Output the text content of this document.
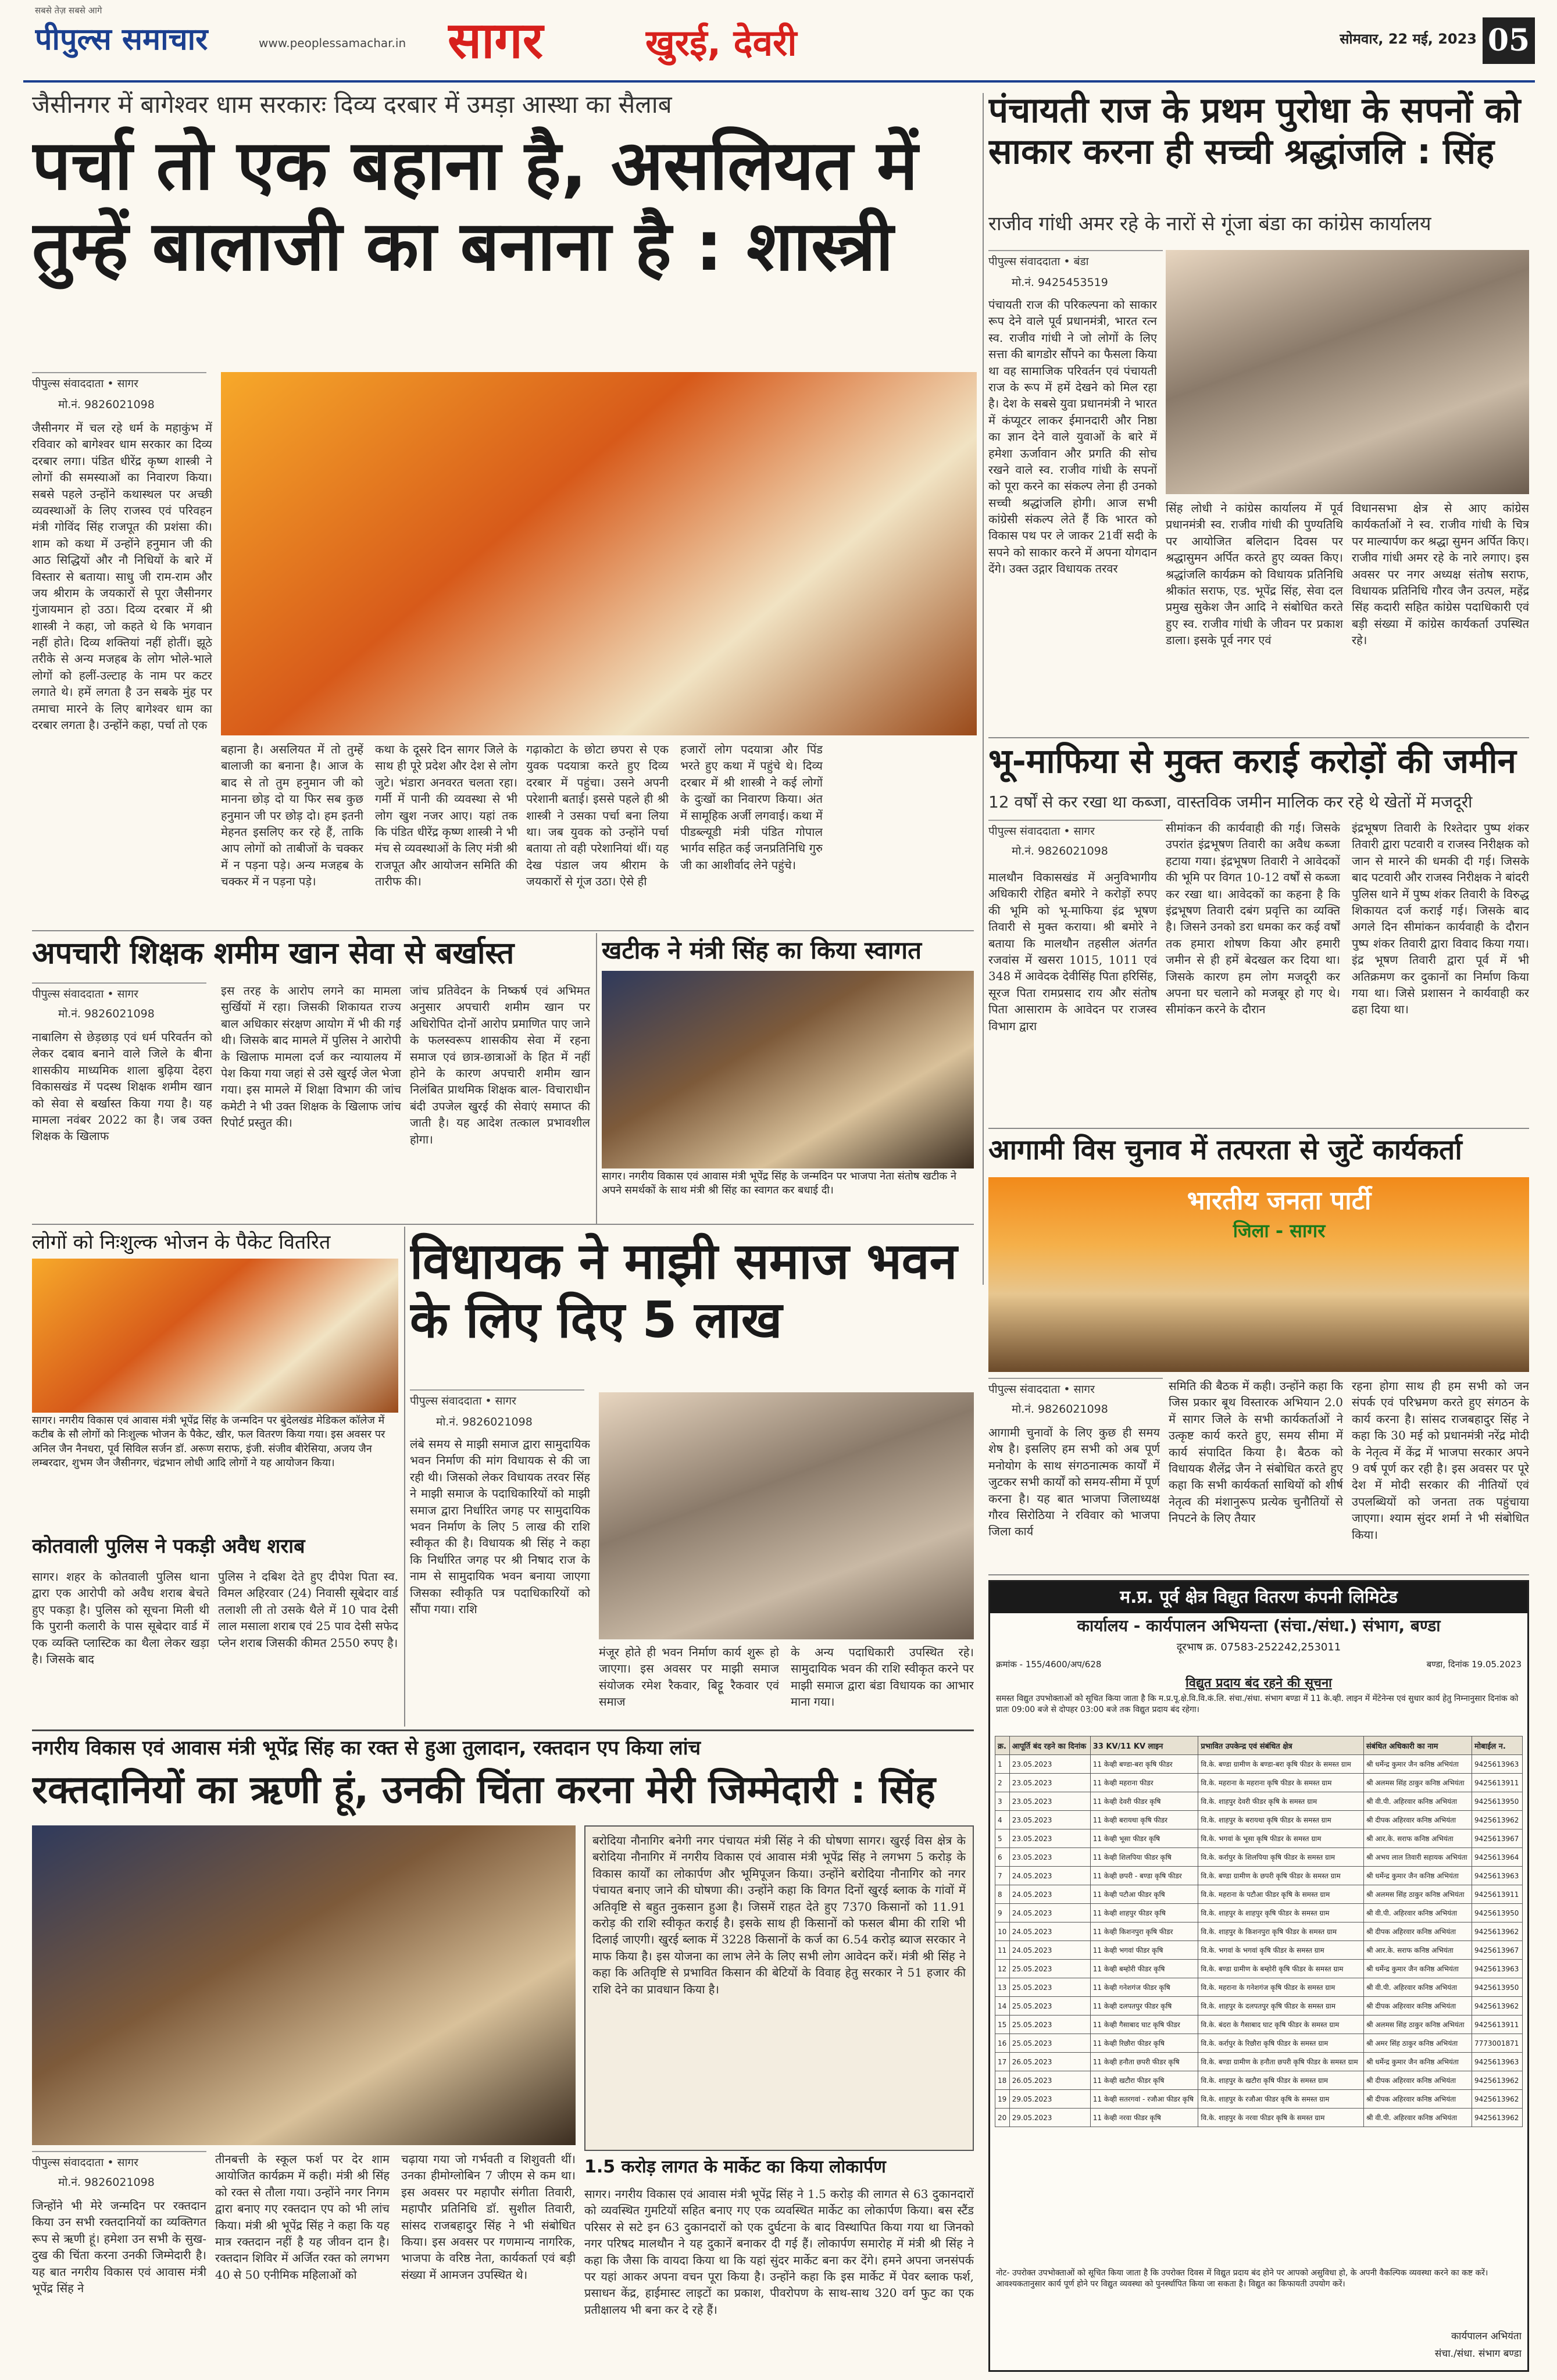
सबसे तेज़ सबसे आगे
पीपुल्स समाचार	www.peoplessamachar.in सागर	खुरई, देवरी	सोमवार, 22 मई, 2023 05
जैसीनगर में बागेश्वर धाम सरकारः दिव्य दरबार में उमड़ा आस्था का सैलाब
पर्चा तो एक बहाना है, असलियत में तुम्हें बालाजी का बनाना है : शास्त्री
पीपुल्स संवाददाता • सागर
मो.नं. 9826021098
जैसीनगर में चल रहे धर्म के महाकुंभ में रविवार को बागेश्वर धाम सरकार का दिव्य दरबार लगा। पंडित धीरेंद्र कृष्ण शास्त्री ने लोगों की समस्याओं का निवारण किया। सबसे पहले उन्होंने कथास्थल पर अच्छी व्यवस्थाओं के लिए राजस्व एवं परिवहन मंत्री गोविंद सिंह राजपूत की प्रशंसा की। शाम को कथा में उन्होंने हनुमान जी की आठ सिद्धियों और नौ निधियों के बारे में विस्तार से बताया। साधु जी राम-राम और जय श्रीराम के जयकारों से पूरा जैसीनगर गुंजायमान हो उठा। दिव्य दरबार में श्री शास्त्री ने कहा, जो कहते थे कि भगवान नहीं होते। दिव्य शक्तियां नहीं होतीं। झूठे तरीके से अन्य मजहब के लोग भोले-भाले लोगों को हलीं-उल्टाह के नाम पर कटर लगाते थे। हमें लगता है उन सबके मुंह पर तमाचा मारने के लिए बागेश्वर धाम का दरबार लगता है। उन्होंने कहा, पर्चा तो एक
बहाना है। असलियत में तो तुम्हें बालाजी का बनाना है। आज के बाद से तो तुम हनुमान जी को मानना छोड़ दो या फिर सब कुछ हनुमान जी पर छोड़ दो। हम इतनी मेहनत इसलिए कर रहे हैं, ताकि आप लोगों को ताबीजों के चक्कर में न पड़ना पड़े। अन्य मजहब के चक्कर में न पड़ना पड़े।
कथा के दूसरे दिन सागर जिले के साथ ही पूरे प्रदेश और देश से लोग जुटे। भंडारा अनवरत चलता रहा। गर्मी में पानी की व्यवस्था से भी लोग खुश नजर आए। यहां तक कि पंडित धीरेंद्र कृष्ण शास्त्री ने भी मंच से व्यवस्थाओं के लिए मंत्री श्री राजपूत और आयोजन समिति की तारीफ की।
गढ़ाकोटा के छोटा छपरा से एक युवक पदयात्रा करते हुए दिव्य दरबार में पहुंचा। उसने अपनी परेशानी बताई। इससे पहले ही श्री शास्त्री ने उसका पर्चा बना लिया था। जब युवक को उन्होंने पर्चा बताया तो वही परेशानियां थीं। यह देख पंडाल जय श्रीराम के जयकारों से गूंज उठा। ऐसे ही
हजारों लोग पदयात्रा और पिंड भरते हुए कथा में पहुंचे थे। दिव्य दरबार में श्री शास्त्री ने कई लोगों के दुःखों का निवारण किया। अंत में सामूहिक अर्जी लगवाई। कथा में पीडब्ल्यूडी मंत्री पंडित गोपाल भार्गव सहित कई जनप्रतिनिधि गुरु जी का आशीर्वाद लेने पहुंचे।
पंचायती राज के प्रथम पुरोधा के सपनों को साकार करना ही सच्ची श्रद्धांजलि : सिंह
राजीव गांधी अमर रहे के नारों से गूंजा बंडा का कांग्रेस कार्यालय
पीपुल्स संवाददाता • बंडा
मो.नं. 9425453519
पंचायती राज की परिकल्पना को साकार रूप देने वाले पूर्व प्रधानमंत्री, भारत रत्न स्व. राजीव गांधी ने जो लोगों के लिए सत्ता की बागडोर सौंपने का फैसला किया था वह सामाजिक परिवर्तन एवं पंचायती राज के रूप में हमें देखने को मिल रहा है। देश के सबसे युवा प्रधानमंत्री ने भारत में कंप्यूटर लाकर ईमानदारी और निष्ठा का ज्ञान देने वाले युवाओं के बारे में हमेशा ऊर्जावान और प्रगति की सोच रखने वाले स्व. राजीव गांधी के सपनों को पूरा करने का संकल्प लेना ही उनको सच्ची श्रद्धांजलि होगी। आज सभी कांग्रेसी संकल्प लेते हैं कि भारत को विकास पथ पर ले जाकर 21वीं सदी के सपने को साकार करने में अपना योगदान देंगे। उक्त उद्गार विधायक तरवर
सिंह लोधी ने कांग्रेस कार्यालय में पूर्व प्रधानमंत्री स्व. राजीव गांधी की पुण्यतिथि पर आयोजित बलिदान दिवस पर श्रद्धासुमन अर्पित करते हुए व्यक्त किए। श्रद्धांजलि कार्यक्रम को विधायक प्रतिनिधि श्रीकांत सराफ, एड. भूपेंद्र सिंह, सेवा दल प्रमुख सुकेश जैन आदि ने संबोधित करते हुए स्व. राजीव गांधी के जीवन पर प्रकाश डाला। इसके पूर्व नगर एवं
विधानसभा क्षेत्र से आए कांग्रेस कार्यकर्ताओं ने स्व. राजीव गांधी के चित्र पर माल्यार्पण कर श्रद्धा सुमन अर्पित किए। राजीव गांधी अमर रहे के नारे लगाए। इस अवसर पर नगर अध्यक्ष संतोष सराफ, विधायक प्रतिनिधि गौरव जैन उत्पल, महेंद्र सिंह कदारी सहित कांग्रेस पदाधिकारी एवं बड़ी संख्या में कांग्रेस कार्यकर्ता उपस्थित रहे।
भू-माफिया से मुक्त कराई करोड़ों की जमीन
12 वर्षों से कर रखा था कब्जा, वास्तविक जमीन मालिक कर रहे थे खेतों में मजदूरी
पीपुल्स संवाददाता • सागर
मो.नं. 9826021098
मालथौन विकासखंड में अनुविभागीय अधिकारी रोहित बमोरे ने करोड़ों रुपए की भूमि को भू-माफिया इंद्र भूषण तिवारी से मुक्त कराया। श्री बमोरे ने बताया कि मालथौन तहसील अंतर्गत रजवांस में खसरा 1015, 1011 एवं 348 में आवेदक देवीसिंह पिता हरिसिंह, सूरज पिता रामप्रसाद राय और संतोष पिता आसाराम के आवेदन पर राजस्व विभाग द्वारा
सीमांकन की कार्यवाही की गई। जिसके उपरांत इंद्रभूषण तिवारी का अवैध कब्जा हटाया गया। इंद्रभूषण तिवारी ने आवेदकों की भूमि पर विगत 10-12 वर्षों से कब्जा कर रखा था। आवेदकों का कहना है कि इंद्रभूषण तिवारी दबंग प्रवृत्ति का व्यक्ति है। जिसने उनको डरा धमका कर कई वर्षों तक हमारा शोषण किया और हमारी जमीन से ही हमें बेदखल कर दिया था। जिसके कारण हम लोग मजदूरी कर अपना घर चलाने को मजबूर हो गए थे। सीमांकन करने के दौरान
इंद्रभूषण तिवारी के रिश्तेदार पुष्प शंकर तिवारी द्वारा पटवारी व राजस्व निरीक्षक को जान से मारने की धमकी दी गई। जिसके बाद पटवारी और राजस्व निरीक्षक ने बांदरी पुलिस थाने में पुष्प शंकर तिवारी के विरुद्ध शिकायत दर्ज कराई गई। जिसके बाद अगले दिन सीमांकन कार्यवाही के दौरान पुष्प शंकर तिवारी द्वारा विवाद किया गया। इंद्र भूषण तिवारी द्वारा पूर्व में भी अतिक्रमण कर दुकानों का निर्माण किया गया था। जिसे प्रशासन ने कार्यवाही कर ढहा दिया था।
अपचारी शिक्षक शमीम खान सेवा से बर्खास्त
पीपुल्स संवाददाता • सागर
मो.नं. 9826021098
नाबालिग से छेड़छाड़ एवं धर्म परिवर्तन को लेकर दबाव बनाने वाले जिले के बीना शासकीय माध्यमिक शाला बुढ़िया देहरा विकासखंड में पदस्थ शिक्षक शमीम खान को सेवा से बर्खास्त किया गया है। यह मामला नवंबर 2022 का है। जब उक्त शिक्षक के खिलाफ
इस तरह के आरोप लगने का मामला सुर्खियों में रहा। जिसकी शिकायत राज्य बाल अधिकार संरक्षण आयोग में भी की गई थी। जिसके बाद मामले में पुलिस ने आरोपी के खिलाफ मामला दर्ज कर न्यायालय में पेश किया गया जहां से उसे खुरई जेल भेजा गया। इस मामले में शिक्षा विभाग की जांच कमेटी ने भी उक्त शिक्षक के खिलाफ जांच रिपोर्ट प्रस्तुत की।
जांच प्रतिवेदन के निष्कर्ष एवं अभिमत अनुसार अपचारी शमीम खान पर अधिरोपित दोनों आरोप प्रमाणित पाए जाने के फलस्वरूप शासकीय सेवा में रहना समाज एवं छात्र-छात्राओं के हित में नहीं होने के कारण अपचारी शमीम खान निलंबित प्राथमिक शिक्षक बाल- विचाराधीन बंदी उपजेल खुरई की सेवाएं समाप्त की जाती है। यह आदेश तत्काल प्रभावशील होगा।
खटीक ने मंत्री सिंह का किया स्वागत
सागर। नगरीय विकास एवं आवास मंत्री भूपेंद्र सिंह के जन्मदिन पर भाजपा नेता संतोष खटीक ने अपने समर्थकों के साथ मंत्री श्री सिंह का स्वागत कर बधाई दी।
आगामी विस चुनाव में तत्परता से जुटें कार्यकर्ता
भारतीय जनता पार्टी
जिला - सागर
पीपुल्स संवाददाता • सागर
मो.नं. 9826021098
आगामी चुनावों के लिए कुछ ही समय शेष है। इसलिए हम सभी को अब पूर्ण मनोयोग के साथ संगठनात्मक कार्यों में जुटकर सभी कार्यों को समय-सीमा में पूर्ण करना है। यह बात भाजपा जिलाध्यक्ष गौरव सिरोठिया ने रविवार को भाजपा जिला कार्य
समिति की बैठक में कही। उन्होंने कहा कि जिस प्रकार बूथ विस्तारक अभियान 2.0 में सागर जिले के सभी कार्यकर्ताओं ने उत्कृष्ट कार्य करते हुए, समय सीमा में कार्य संपादित किया है। बैठक को विधायक शैलेंद्र जैन ने संबोधित करते हुए कहा कि सभी कार्यकर्ता साथियों को शीर्ष नेतृत्व की मंशानुरूप प्रत्येक चुनौतियों से निपटने के लिए तैयार
रहना होगा साथ ही हम सभी को जन संपर्क एवं परिभ्रमण करते हुए संगठन के कार्य करना है। सांसद राजबहादुर सिंह ने कहा कि 30 मई को प्रधानमंत्री नरेंद्र मोदी के नेतृत्व में केंद्र में भाजपा सरकार अपने 9 वर्ष पूर्ण कर रही है। इस अवसर पर पूरे देश में मोदी सरकार की नीतियों एवं उपलब्धियों को जनता तक पहुंचाया जाएगा। श्याम सुंदर शर्मा ने भी संबोधित किया।
लोगों को निःशुल्क भोजन के पैकेट वितरित
सागर। नगरीय विकास एवं आवास मंत्री भूपेंद्र सिंह के जन्मदिन पर बुंदेलखंड मेडिकल कॉलेज में कटीब के सौ लोगों को निःशुल्क भोजन के पैकेट, खीर, फल वितरण किया गया। इस अवसर पर अनिल जैन नैनधरा, पूर्व सिविल सर्जन डॉ. अरूण सराफ, इंजी. संजीव बीरेसिया, अजय जैन लम्बरदार, शुभम जैन जैसीनगर, चंद्रभान लोधी आदि लोगों ने यह आयोजन किया।
कोतवाली पुलिस ने पकड़ी अवैध शराब
सागर। शहर के कोतवाली पुलिस थाना द्वारा एक आरोपी को अवैध शराब बेचते हुए पकड़ा है। पुलिस को सूचना मिली थी कि पुरानी कलारी के पास सूबेदार वार्ड में एक व्यक्ति प्लास्टिक का थैला लेकर खड़ा है। जिसके बाद
पुलिस ने दबिश देते हुए दीपेश पिता स्व. विमल अहिरवार (24) निवासी सूबेदार वार्ड तलाशी ली तो उसके थैले में 10 पाव देसी लाल मसाला शराब एवं 25 पाव देसी सफेद प्लेन शराब जिसकी कीमत 2550 रुपए है।
विधायक ने माझी समाज भवन के लिए दिए 5 लाख
पीपुल्स संवाददाता • सागर
मो.नं. 9826021098
लंबे समय से माझी समाज द्वारा सामुदायिक भवन निर्माण की मांग विधायक से की जा रही थी। जिसको लेकर विधायक तरवर सिंह ने माझी समाज के पदाधिकारियों को माझी समाज द्वारा निर्धारित जगह पर सामुदायिक भवन निर्माण के लिए 5 लाख की राशि स्वीकृत की है। विधायक श्री सिंह ने कहा कि निर्धारित जगह पर श्री निषाद राज के नाम से सामुदायिक भवन बनाया जाएगा जिसका स्वीकृति पत्र पदाधिकारियों को सौंपा गया। राशि
मंजूर होते ही भवन निर्माण कार्य शुरू हो जाएगा। इस अवसर पर माझी समाज संयोजक रमेश रैकवार, बिट्टू रैकवार एवं समाज
के अन्य पदाधिकारी उपस्थित रहे। सामुदायिक भवन की राशि स्वीकृत करने पर माझी समाज द्वारा बंडा विधायक का आभार माना गया।
नगरीय विकास एवं आवास मंत्री भूपेंद्र सिंह का रक्त से हुआ तुलादान, रक्तदान एप किया लांच
रक्तदानियों का ऋणी हूं, उनकी चिंता करना मेरी जिम्मेदारी : सिंह
पीपुल्स संवाददाता • सागर
मो.नं. 9826021098
जिन्होंने भी मेरे जन्मदिन पर रक्तदान किया उन सभी रक्तदानियों का व्यक्तिगत रूप से ऋणी हूं। हमेशा उन सभी के सुख-दुख की चिंता करना उनकी जिम्मेदारी है। यह बात नगरीय विकास एवं आवास मंत्री भूपेंद्र सिंह ने
तीनबत्ती के स्कूल फर्श पर देर शाम आयोजित कार्यक्रम में कही। मंत्री श्री सिंह को रक्त से तौला गया। उन्होंने नगर निगम द्वारा बनाए गए रक्तदान एप को भी लांच किया। मंत्री श्री भूपेंद्र सिंह ने कहा कि यह मात्र रक्तदान नहीं है यह जीवन दान है। रक्तदान शिविर में अर्जित रक्त को लगभग 40 से 50 एनीमिक महिलाओं को
चढ़ाया गया जो गर्भवती व शिशुवती थीं। उनका हीमोग्लोबिन 7 जीएम से कम था। इस अवसर पर महापौर संगीता तिवारी, महापौर प्रतिनिधि डॉ. सुशील तिवारी, सांसद राजबहादुर सिंह ने भी संबोधित किया। इस अवसर पर गणमान्य नागरिक, भाजपा के वरिष्ठ नेता, कार्यकर्ता एवं बड़ी संख्या में आमजन उपस्थित थे।
बरोदिया नौनागिर बनेगी नगर पंचायत मंत्री सिंह ने की घोषणा सागर। खुरई विस क्षेत्र के बरोदिया नौनागिर में नगरीय विकास एवं आवास मंत्री भूपेंद्र सिंह ने लगभग 5 करोड़ के विकास कार्यों का लोकार्पण और भूमिपूजन किया। उन्होंने बरोदिया नौनागिर को नगर पंचायत बनाए जाने की घोषणा की। उन्होंने कहा कि विगत दिनों खुरई ब्लाक के गांवों में अतिवृष्टि से बहुत नुकसान हुआ है। जिसमें राहत देते हुए 7370 किसानों को 11.91 करोड़ की राशि स्वीकृत कराई है। इसके साथ ही किसानों को फसल बीमा की राशि भी दिलाई जाएगी। खुरई ब्लाक में 3228 किसानों के कर्ज का 6.54 करोड़ ब्याज सरकार ने माफ किया है। इस योजना का लाभ लेने के लिए सभी लोग आवेदन करें। मंत्री श्री सिंह ने कहा कि अतिवृष्टि से प्रभावित किसान की बेटियों के विवाह हेतु सरकार ने 51 हजार की राशि देने का प्रावधान किया है।
1.5 करोड़ लागत के मार्केट का किया लोकार्पण
सागर। नगरीय विकास एवं आवास मंत्री भूपेंद्र सिंह ने 1.5 करोड़ की लागत से 63 दुकानदारों को व्यवस्थित गुमटियों सहित बनाए गए एक व्यवस्थित मार्केट का लोकार्पण किया। बस स्टैंड परिसर से सटे इन 63 दुकानदारों को एक दुर्घटना के बाद विस्थापित किया गया था जिनको नगर परिषद मालथौन ने यह दुकानें बनाकर दी गई हैं। लोकार्पण समारोह में मंत्री श्री सिंह ने कहा कि जैसा कि वायदा किया था कि यहां सुंदर मार्केट बना कर देंगे। हमने अपना जनसंपर्क पर यहां आकर अपना वचन पूरा किया है। उन्होंने कहा कि इस मार्केट में पेवर ब्लाक फर्श, प्रसाधन केंद्र, हाईमास्ट लाइटों का प्रकाश, पीवरोपण के साथ-साथ 320 वर्ग फुट का एक प्रतीक्षालय भी बना कर दे रहे हैं।
म.प्र. पूर्व क्षेत्र विद्युत वितरण कंपनी लिमिटेड
कार्यालय - कार्यपालन अभियन्ता (संचा./संधा.) संभाग, बण्डा
दूरभाष क्र. 07583-252242,253011
क्रमांक - 155/4600/अप/628	बण्डा, दिनांक 19.05.2023
विद्युत प्रदाय बंद रहने की सूचना
समस्त विद्युत उपभोक्ताओं को सूचित किया जाता है कि म.प्र.पू.क्षे.वि.वि.कं.लि. संचा./संधा. संभाग बण्डा में 11 के.व्ही. लाइन में मेंटेनेन्स एवं सुधार कार्य हेतु निम्नानुसार दिनांक को प्रातः 09:00 बजे से दोपहर 03:00 बजे तक विद्युत प्रदाय बंद रहेगा।
क्र.	आपूर्ति बंद रहने का दिनांक	33 KV/11 KV लाइन	प्रभावित उपकेन्द्र एवं संबंधित क्षेत्र	संबंधित अधिकारी का नाम	मोबाईल न.
1	23.05.2023	11 केव्ही बण्डा-बरा कृषि फीडर	वि.के. बण्डा ग्रामीण के बण्डा-बरा कृषि फीडर के समस्त ग्राम	श्री धर्मेन्द्र कुमार जैन कनिष्ठ अभियंता	9425613963
2	23.05.2023	11 केव्ही महराना फीडर	वि.के. महराना के महराना कृषि फीडर के समस्त ग्राम	श्री अलमस सिंह ठाकुर कनिष्ठ अभियंता	9425613911
3	23.05.2023	11 केव्ही देवरी फीडर कृषि	वि.के. शाहपुर देवरी फीडर कृषि के समस्त ग्राम	श्री वी.पी. अहिरवार कनिष्ठ अभियंता	9425613950
4	23.05.2023	11 केव्ही बरायथा कृषि फीडर	वि.के. शाहपुर के बरायथा कृषि फीडर के समस्त ग्राम	श्री दीपक अहिरवार कनिष्ठ अभियंता	9425613962
5	23.05.2023	11 केव्ही भूसा फीडर कृषि	वि.के. भगवां के भूसा कृषि फीडर के समस्त ग्राम	श्री आर.के. सराफ कनिष्ठ अभियंता	9425613967
6	23.05.2023	11 केव्ही शिलपिया फीडर कृषि	वि.के. कर्रापुर के शिलपिया कृषि फीडर के समस्त ग्राम	श्री अभय लाल तिवारी सहायक अभियंता	9425613964
7	24.05.2023	11 केव्ही छपरी - बण्डा कृषि फीडर	वि.के. बण्डा ग्रामीण के छपरी कृषि फीडर के समस्त ग्राम	श्री धर्मेन्द्र कुमार जैन कनिष्ठ अभियंता	9425613963
8	24.05.2023	11 केव्ही पटौआ फीडर कृषि	वि.के. महराना के पटौआ फीडर कृषि के समस्त ग्राम	श्री अलमस सिंह ठाकुर कनिष्ठ अभियंता	9425613911
9	24.05.2023	11 केव्ही शाहपुर फीडर कृषि	वि.के. शाहपुर के शाहपुर कृषि फीडर के समस्त ग्राम	श्री वी.पी. अहिरवार कनिष्ठ अभियंता	9425613950
10	24.05.2023	11 केव्ही किशनपुरा कृषि फीडर	वि.के. शाहपुर के किशनपुरा कृषि फीडर के समस्त ग्राम	श्री दीपक अहिरवार कनिष्ठ अभियंता	9425613962
11	24.05.2023	11 केव्ही भगवां फीडर कृषि	वि.के. भगवां के भगवां कृषि फीडर के समस्त ग्राम	श्री आर.के. सराफ कनिष्ठ अभियंता	9425613967
12	25.05.2023	11 केव्ही बम्होरी फीडर कृषि	वि.के. बण्डा ग्रामीण के बम्होरी कृषि फीडर के समस्त ग्राम	श्री धर्मेन्द्र कुमार जैन कनिष्ठ अभियंता	9425613963
13	25.05.2023	11 केव्ही गनेशगंज फीडर कृषि	वि.के. महराना के गनेशगंज कृषि फीडर के समस्त ग्राम	श्री वी.पी. अहिरवार कनिष्ठ अभियंता	9425613950
14	25.05.2023	11 केव्ही दलपतपुर फीडर कृषि	वि.के. शाहपुर के दलपतपुर कृषि फीडर के समस्त ग्राम	श्री दीपक अहिरवार कनिष्ठ अभियंता	9425613962
15	25.05.2023	11 केव्ही गैसाबाद घाट कृषि फीडर	वि.के. बंदरा के गैसाबाद घाट कृषि फीडर के समस्त ग्राम	श्री अलमस सिंह ठाकुर कनिष्ठ अभियंता	9425613911
16	25.05.2023	11 केव्ही रिछौरा फीडर कृषि	वि.के. कर्रापुर के रिछौरा कृषि फीडर के समस्त ग्राम	श्री अमर सिंह ठाकुर कनिष्ठ अभियंता	7773001871
17	26.05.2023	11 केव्ही हनौता छपरी फीडर कृषि	वि.के. बण्डा ग्रामीण के हनौता छपरी कृषि फीडर के समस्त ग्राम	श्री धर्मेन्द्र कुमार जैन कनिष्ठ अभियंता	9425613963
18	26.05.2023	11 केव्ही खटौरा फीडर कृषि	वि.के. शाहपुर के खटौरा कृषि फीडर के समस्त ग्राम	श्री दीपक अहिरवार कनिष्ठ अभियंता	9425613962
19	29.05.2023	11 केव्ही सतरगवां - रजौआ फीडर कृषि	वि.के. शाहपुर के रजौआ फीडर कृषि के समस्त ग्राम	श्री दीपक अहिरवार कनिष्ठ अभियंता	9425613962
20	29.05.2023	11 केव्ही नरवा फीडर कृषि	वि.के. शाहपुर के नरवा फीडर कृषि के समस्त ग्राम	श्री वी.पी. अहिरवार कनिष्ठ अभियंता	9425613962
नोट- उपरोक्त उपभोक्ताओं को सूचित किया जाता है कि उपरोक्त दिवस में विद्युत प्रदाय बंद होने पर आपको असुविधा हो, के अपनी वैकल्पिक व्यवस्था करने का कष्ट करें। आवश्यकतानुसार कार्य पूर्ण होने पर विद्युत व्यवस्था को पुनर्स्थापित किया जा सकता है। विद्युत का किफायती उपयोग करें।
कार्यपालन अभियंता
संचा./संधा. संभाग बण्डा
